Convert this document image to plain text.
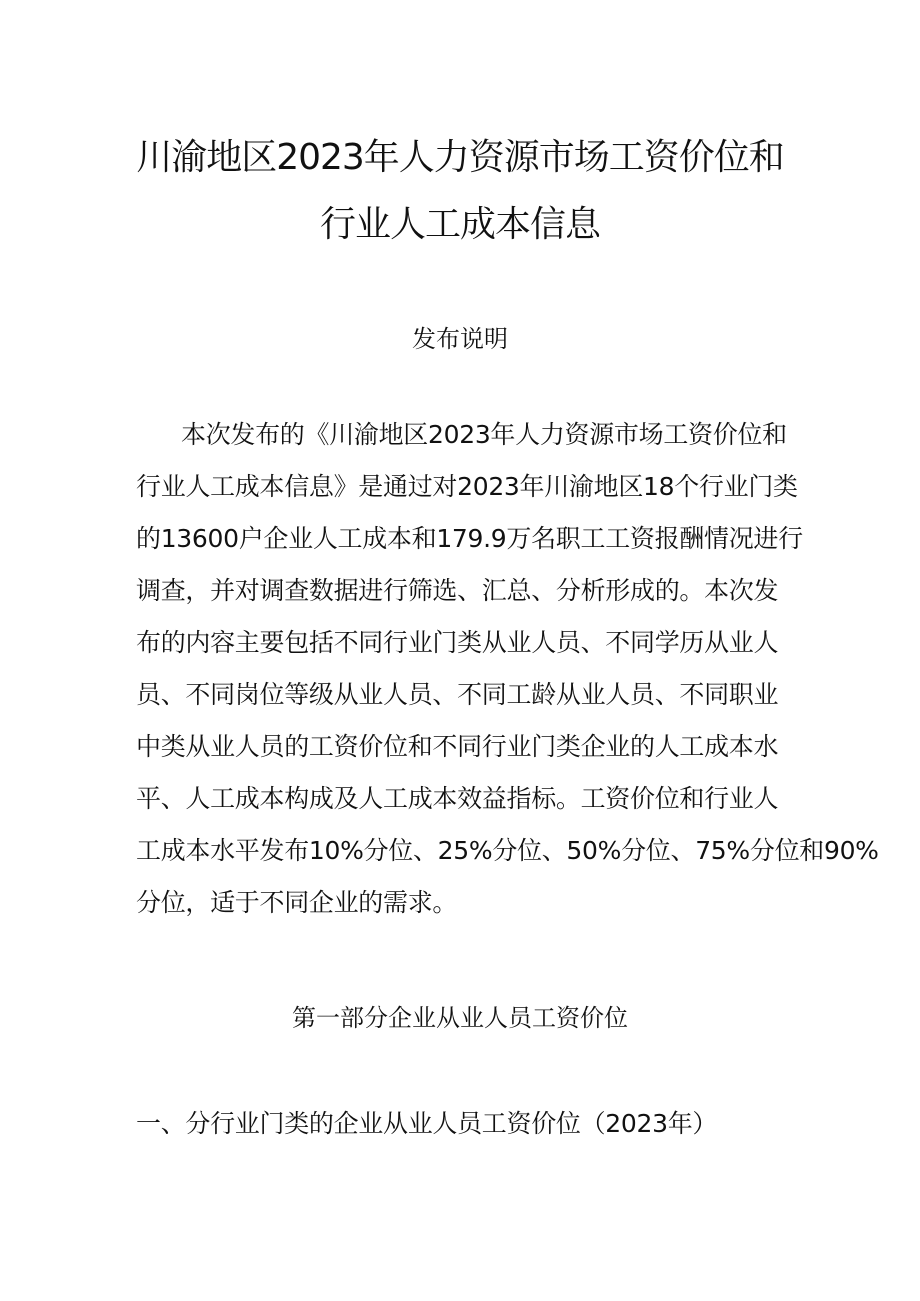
川渝地区2023年人力资源市场工资价位和
行业人工成本信息
发布说明
本次发布的《川渝地区2023年人力资源市场工资价位和
行业人工成本信息》是通过对2023年川渝地区18个行业门类
的13600户企业人工成本和179.9万名职工工资报酬情况进行
调查，并对调查数据进行筛选、汇总、分析形成的。本次发
布的内容主要包括不同行业门类从业人员、不同学历从业人
员、不同岗位等级从业人员、不同工龄从业人员、不同职业
中类从业人员的工资价位和不同行业门类企业的人工成本水
平、人工成本构成及人工成本效益指标。工资价位和行业人
工成本水平发布10%分位、25%分位、50%分位、75%分位和90%
分位，适于不同企业的需求。
第一部分企业从业人员工资价位
一、分行业门类的企业从业人员工资价位（2023年）
